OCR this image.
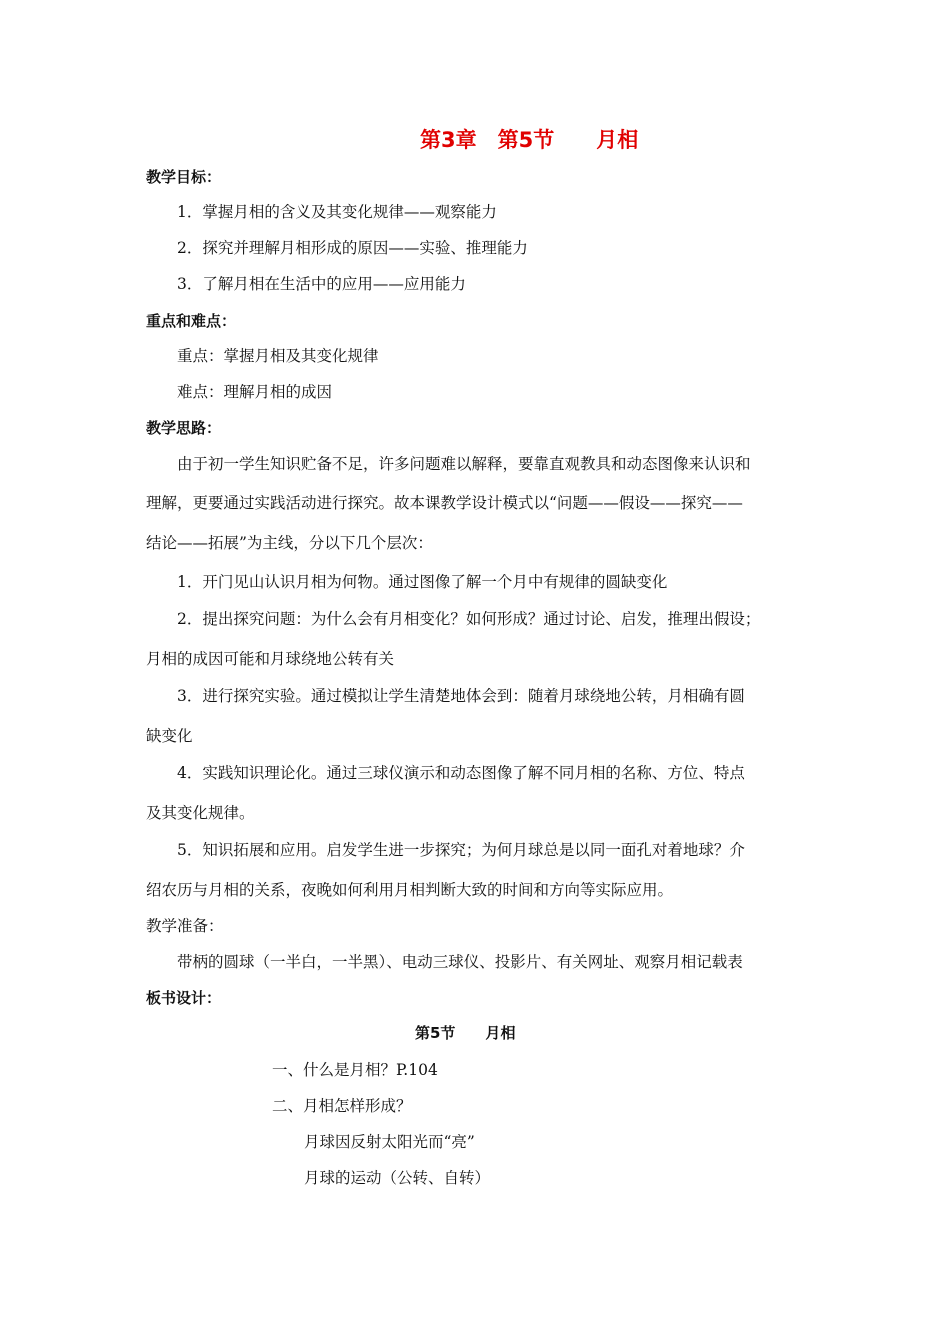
第3章　第5节　　月相
教学目标：
1．掌握月相的含义及其变化规律——观察能力
2．探究并理解月相形成的原因——实验、推理能力
3．了解月相在生活中的应用——应用能力
重点和难点：
重点：掌握月相及其变化规律
难点：理解月相的成因
教学思路：
由于初一学生知识贮备不足，许多问题难以解释，要靠直观教具和动态图像来认识和
理解，更要通过实践活动进行探究。故本课教学设计模式以“问题——假设——探究——
结论——拓展”为主线，分以下几个层次：
1．开门见山认识月相为何物。通过图像了解一个月中有规律的圆缺变化
2．提出探究问题：为什么会有月相变化？如何形成？通过讨论、启发，推理出假设；
月相的成因可能和月球绕地公转有关
3．进行探究实验。通过模拟让学生清楚地体会到：随着月球绕地公转，月相确有圆
缺变化
4．实践知识理论化。通过三球仪演示和动态图像了解不同月相的名称、方位、特点
及其变化规律。
5．知识拓展和应用。启发学生进一步探究；为何月球总是以同一面孔对着地球？介
绍农历与月相的关系，夜晚如何利用月相判断大致的时间和方向等实际应用。
教学准备：
带柄的圆球（一半白，一半黑）、电动三球仪、投影片、有关网址、观察月相记载表
板书设计：
第5节　　月相
一、什么是月相？P.104
二、月相怎样形成？
月球因反射太阳光而“亮”
月球的运动（公转、自转）
